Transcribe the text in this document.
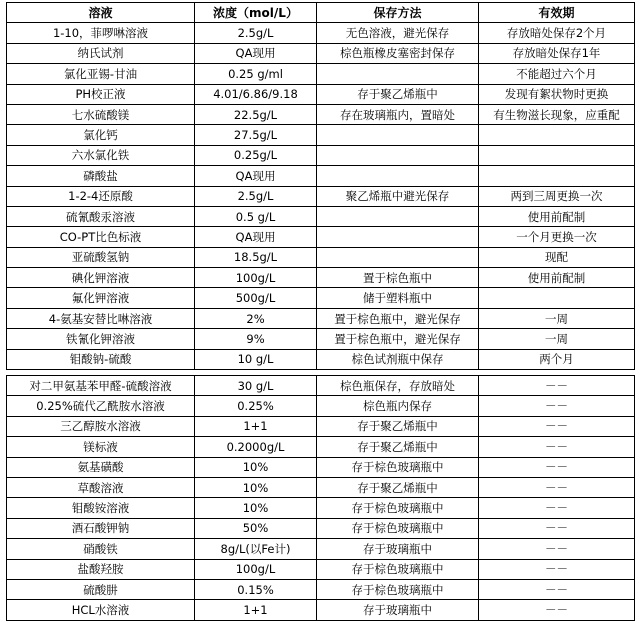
溶液	浓度（mol/L）	保存方法	有效期
1-10，菲啰啉溶液	2.5g/L	无色溶液，避光保存	存放暗处保存2个月
纳氏试剂	QA现用	棕色瓶橡皮塞密封保存	存放暗处保存1年
氯化亚锡-甘油	0.25 g/ml		不能超过六个月
PH校正液	4.01/6.86/9.18	存于聚乙烯瓶中	发现有絮状物时更换
七水硫酸镁	22.5g/L	存在玻璃瓶内，置暗处	有生物滋长现象，应重配
氯化钙	27.5g/L		
六水氯化铁	0.25g/L		
磷酸盐	QA现用		
1-2-4还原酸	2.5g/L	聚乙烯瓶中避光保存	两到三周更换一次
硫氰酸汞溶液	0.5 g/L		使用前配制
CO-PT比色标液	QA现用		一个月更换一次
亚硫酸氢钠	18.5g/L		现配
碘化钾溶液	100g/L	置于棕色瓶中	使用前配制
氟化钾溶液	500g/L	储于塑料瓶中	
4-氨基安替比啉溶液	2%	置于棕色瓶中，避光保存	一周
铁氰化钾溶液	9%	置于棕色瓶中，避光保存	一周
钼酸钠-硫酸	10 g/L	棕色试剂瓶中保存	两个月
对二甲氨基苯甲醛-硫酸溶液	30 g/L	棕色瓶保存，存放暗处	－－
0.25%硫代乙酰胺水溶液	0.25%	棕色瓶内保存	－－
三乙醇胺水溶液	1+1	存于聚乙烯瓶中	－－
镁标液	0.2000g/L	存于聚乙烯瓶中	－－
氨基磺酸	10%	存于棕色玻璃瓶中	－－
草酸溶液	10%	存于聚乙烯瓶中	－－
钼酸铵溶液	10%	存于棕色玻璃瓶中	－－
酒石酸钾钠	50%	存于棕色玻璃瓶中	－－
硝酸铁	8g/L(以Fe计)	存于玻璃瓶中	－－
盐酸羟胺	100g/L	存于棕色玻璃瓶中	－－
硫酸肼	0.15%	存于棕色玻璃瓶中	－－
HCL水溶液	1+1	存于玻璃瓶中	－－
